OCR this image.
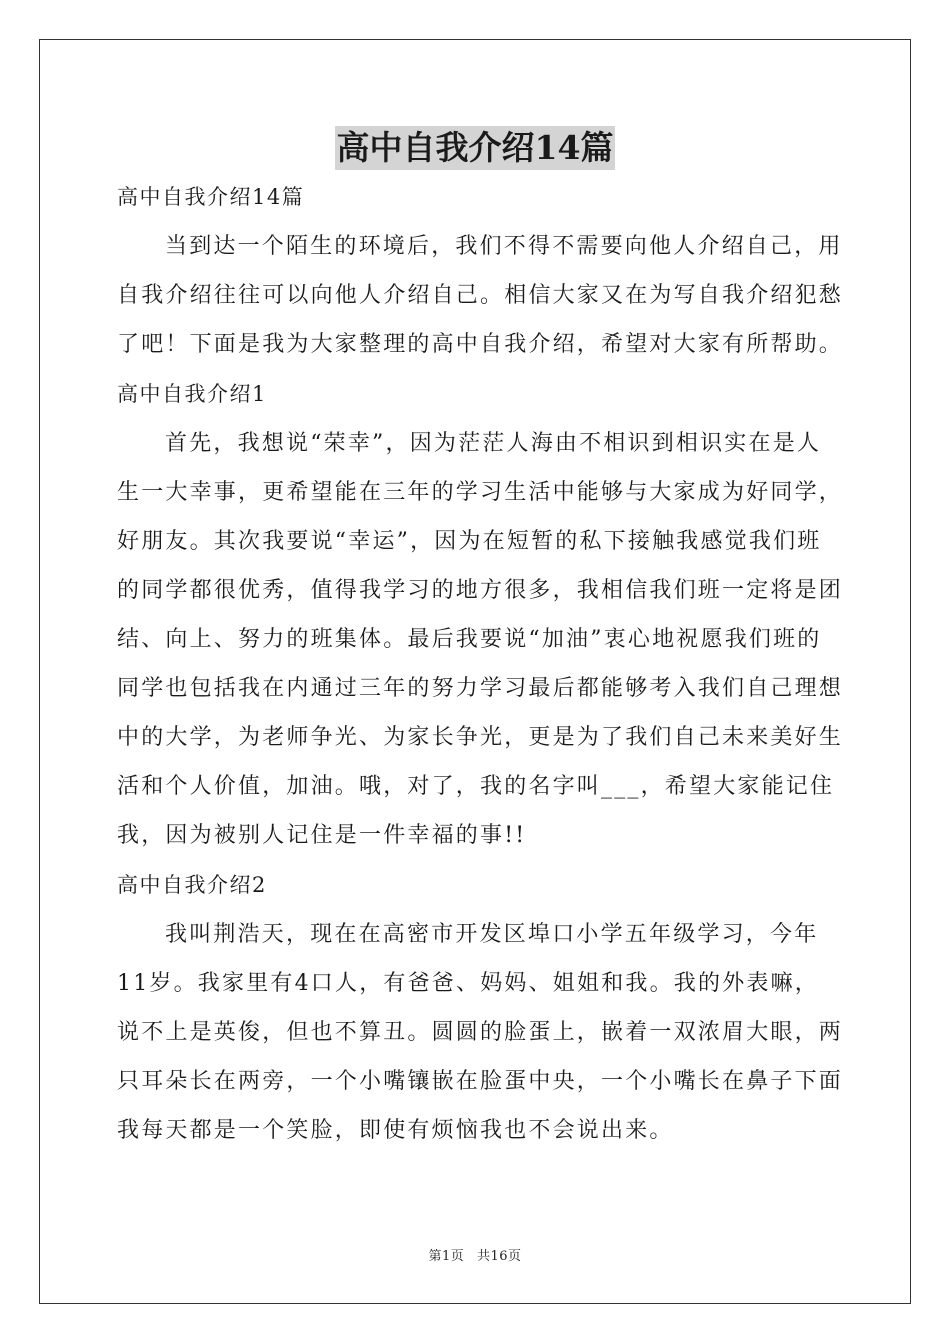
高中自我介绍14篇
高中自我介绍14篇
当到达一个陌生的环境后，我们不得不需要向他人介绍自己，用
自我介绍往往可以向他人介绍自己。相信大家又在为写自我介绍犯愁
了吧！下面是我为大家整理的高中自我介绍，希望对大家有所帮助。
高中自我介绍1
首先，我想说“荣幸”，因为茫茫人海由不相识到相识实在是人
生一大幸事，更希望能在三年的学习生活中能够与大家成为好同学，
好朋友。其次我要说“幸运”，因为在短暂的私下接触我感觉我们班
的同学都很优秀，值得我学习的地方很多，我相信我们班一定将是团
结、向上、努力的班集体。最后我要说“加油”衷心地祝愿我们班的
同学也包括我在内通过三年的努力学习最后都能够考入我们自己理想
中的大学，为老师争光、为家长争光，更是为了我们自己未来美好生
活和个人价值，加油。哦，对了，我的名字叫___，希望大家能记住
我，因为被别人记住是一件幸福的事!!
高中自我介绍2
我叫荆浩天，现在在高密市开发区埠口小学五年级学习，今年
11岁。我家里有4口人，有爸爸、妈妈、姐姐和我。我的外表嘛，
说不上是英俊，但也不算丑。圆圆的脸蛋上，嵌着一双浓眉大眼，两
只耳朵长在两旁，一个小嘴镶嵌在脸蛋中央，一个小嘴长在鼻子下面
我每天都是一个笑脸，即使有烦恼我也不会说出来。
第1页 共16页
